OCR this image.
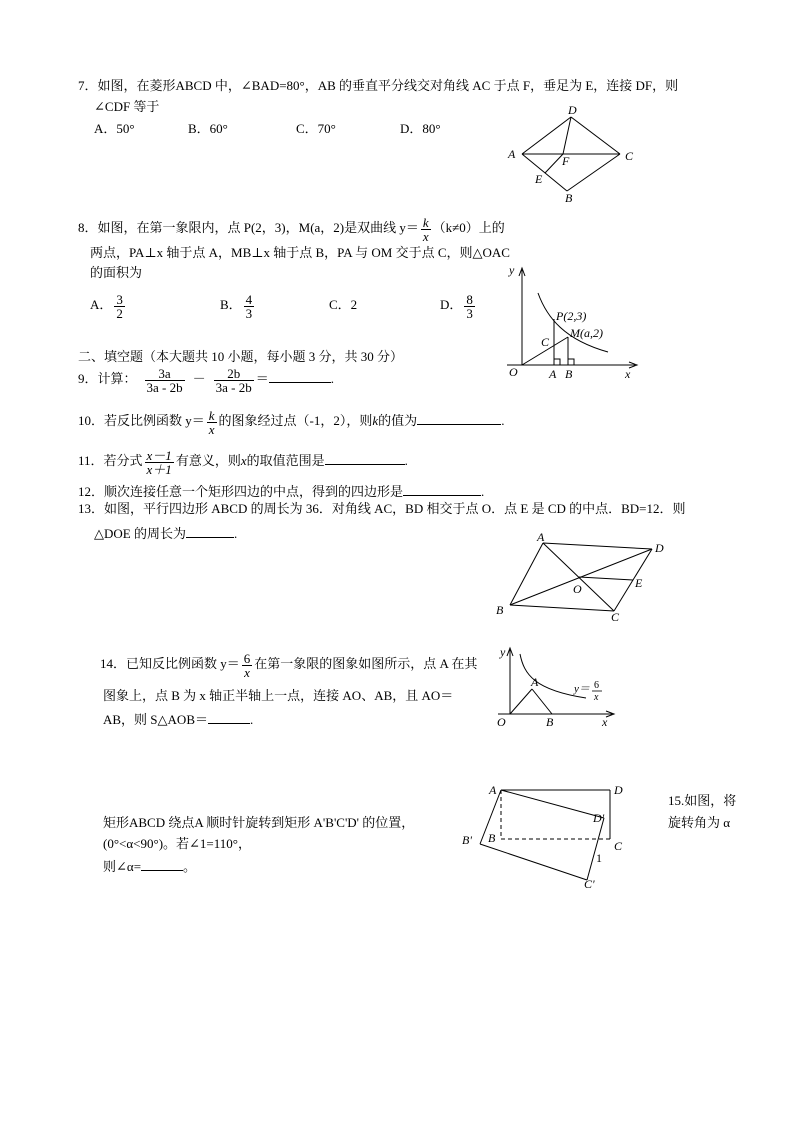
7．如图，在菱形ABCD 中，∠BAD=80°，AB 的垂直平分线交对角线 AC 于点 F，垂足为 E，连接 DF，则
∠CDF 等于
A．50°	B．60°	C．70°	D．80°
D
A	F	C
E
B
8．如图，在第一象限内，点 P(2，3)，M(a，2)是双曲线 $y= \frac{k}{x} (k\ne 0)$上的
两点，PA⊥x 轴于点 A，MB⊥x 轴于点 B，PA 与 OM 交于点 C，则△OAC
的面积为
A． $\frac{3}{2}$	B． $\frac{4}{3}$	C．2	D． $\frac{8}{3}$
y
P(2,3)
M(a,2)
C
O	A B	x
二、填空题（本大题共 10 小题，每小题 3 分，共 30 分）
9．计算： $\frac{3a}{3a - 2b} - \frac{2b}{3a - 2b}$ ＝	.
10．若反比例函数 $y= \frac{k}{x}$ 的图象经过点（-1，2），则k的值为	.
11．若分式 $\frac{x-1}{x+1}$ 有意义，则x的取值范围是	.
12．顺次连接任意一个矩形四边的中点，得到的四边形是	.
13．如图，平行四边形 ABCD 的周长为 36．对角线 AC，BD 相交于点 O．点 E 是 CD 的中点．BD=12．则
△DOE 的周长为	.	A
D
O	E
B	C
14．已知反比例函数 $y= \frac{6}{x}$ 在第一象限的图象如图所示，点 A 在其
图象上，点 B 为 x 轴正半轴上一点，连接 AO、AB，且 AO＝
AB，则 S△AOB＝	.
y
A	y＝ 6
x
O	B	x
15.如图，将
旋转角为 α
矩形ABCD 绕点A 顺时针旋转到矩形 A'B'C'D' 的位置，
(0°<α<90°)。若∠1=110°，
则∠α=	。
A	D
D'
B' B
C
1
C'
